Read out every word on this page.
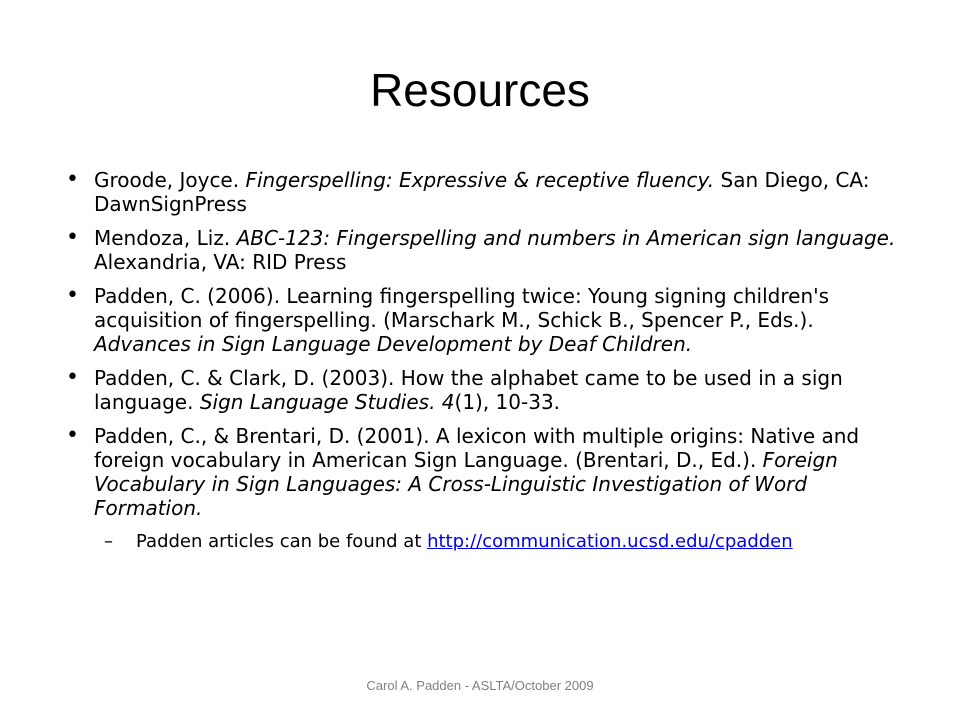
Resources
• Groode, Joyce. Fingerspelling: Expressive & receptive fluency. San Diego, CA: DawnSignPress
• Mendoza, Liz. ABC-123: Fingerspelling and numbers in American sign language. Alexandria, VA: RID Press
• Padden, C. (2006). Learning fingerspelling twice: Young signing children's acquisition of fingerspelling. (Marschark M., Schick B., Spencer P., Eds.). Advances in Sign Language Development by Deaf Children.
• Padden, C. & Clark, D. (2003). How the alphabet came to be used in a sign language. Sign Language Studies. 4(1), 10-33.
• Padden, C., & Brentari, D. (2001). A lexicon with multiple origins: Native and foreign vocabulary in American Sign Language. (Brentari, D., Ed.). Foreign Vocabulary in Sign Languages: A Cross-Linguistic Investigation of Word Formation.
– Padden articles can be found at http://communication.ucsd.edu/cpadden
Carol A. Padden - ASLTA/October 2009
